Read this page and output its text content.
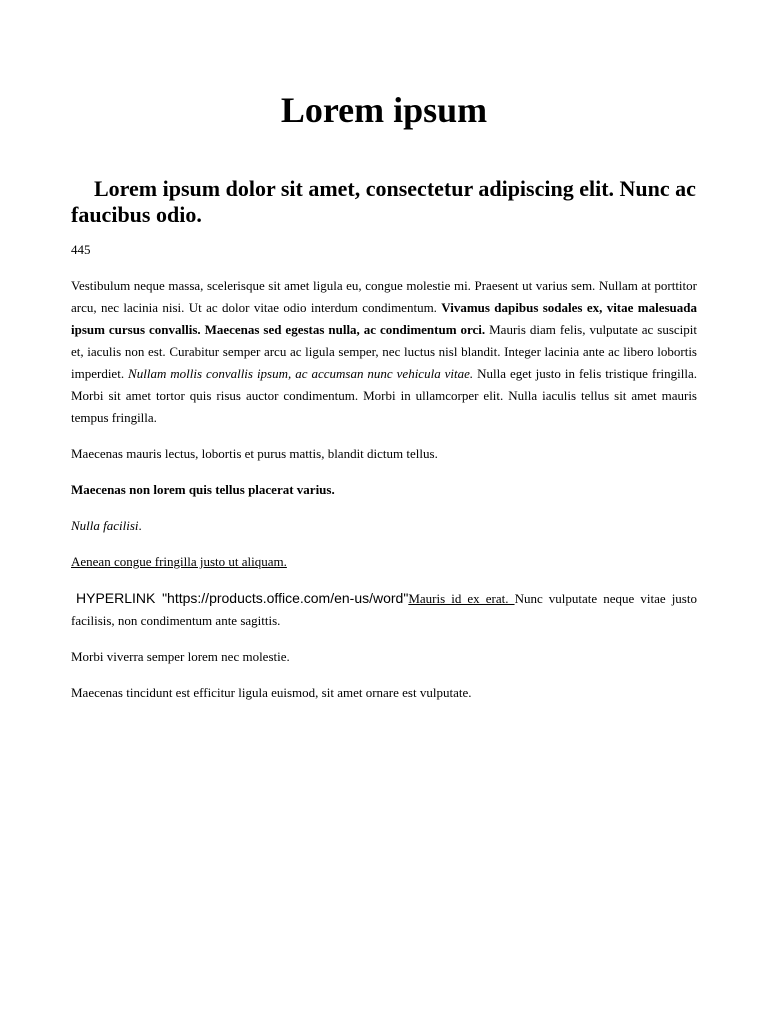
Lorem ipsum
Lorem ipsum dolor sit amet, consectetur adipiscing elit. Nunc ac faucibus odio.

445

Vestibulum neque massa, scelerisque sit amet ligula eu, congue molestie mi. Praesent ut varius sem. Nullam at porttitor arcu, nec lacinia nisi. Ut ac dolor vitae odio interdum condimentum. Vivamus dapibus sodales ex, vitae malesuada ipsum cursus convallis. Maecenas sed egestas nulla, ac condimentum orci. Mauris diam felis, vulputate ac suscipit et, iaculis non est. Curabitur semper arcu ac ligula semper, nec luctus nisl blandit. Integer lacinia ante ac libero lobortis imperdiet. Nullam mollis convallis ipsum, ac accumsan nunc vehicula vitae. Nulla eget justo in felis tristique fringilla. Morbi sit amet tortor quis risus auctor condimentum. Morbi in ullamcorper elit. Nulla iaculis tellus sit amet mauris tempus fringilla.

Maecenas mauris lectus, lobortis et purus mattis, blandit dictum tellus.

Maecenas non lorem quis tellus placerat varius.

Nulla facilisi.

Aenean congue fringilla justo ut aliquam.

HYPERLINK "https://products.office.com/en-us/word"Mauris id ex erat. Nunc vulputate neque vitae justo facilisis, non condimentum ante sagittis.

Morbi viverra semper lorem nec molestie.

Maecenas tincidunt est efficitur ligula euismod, sit amet ornare est vulputate.
